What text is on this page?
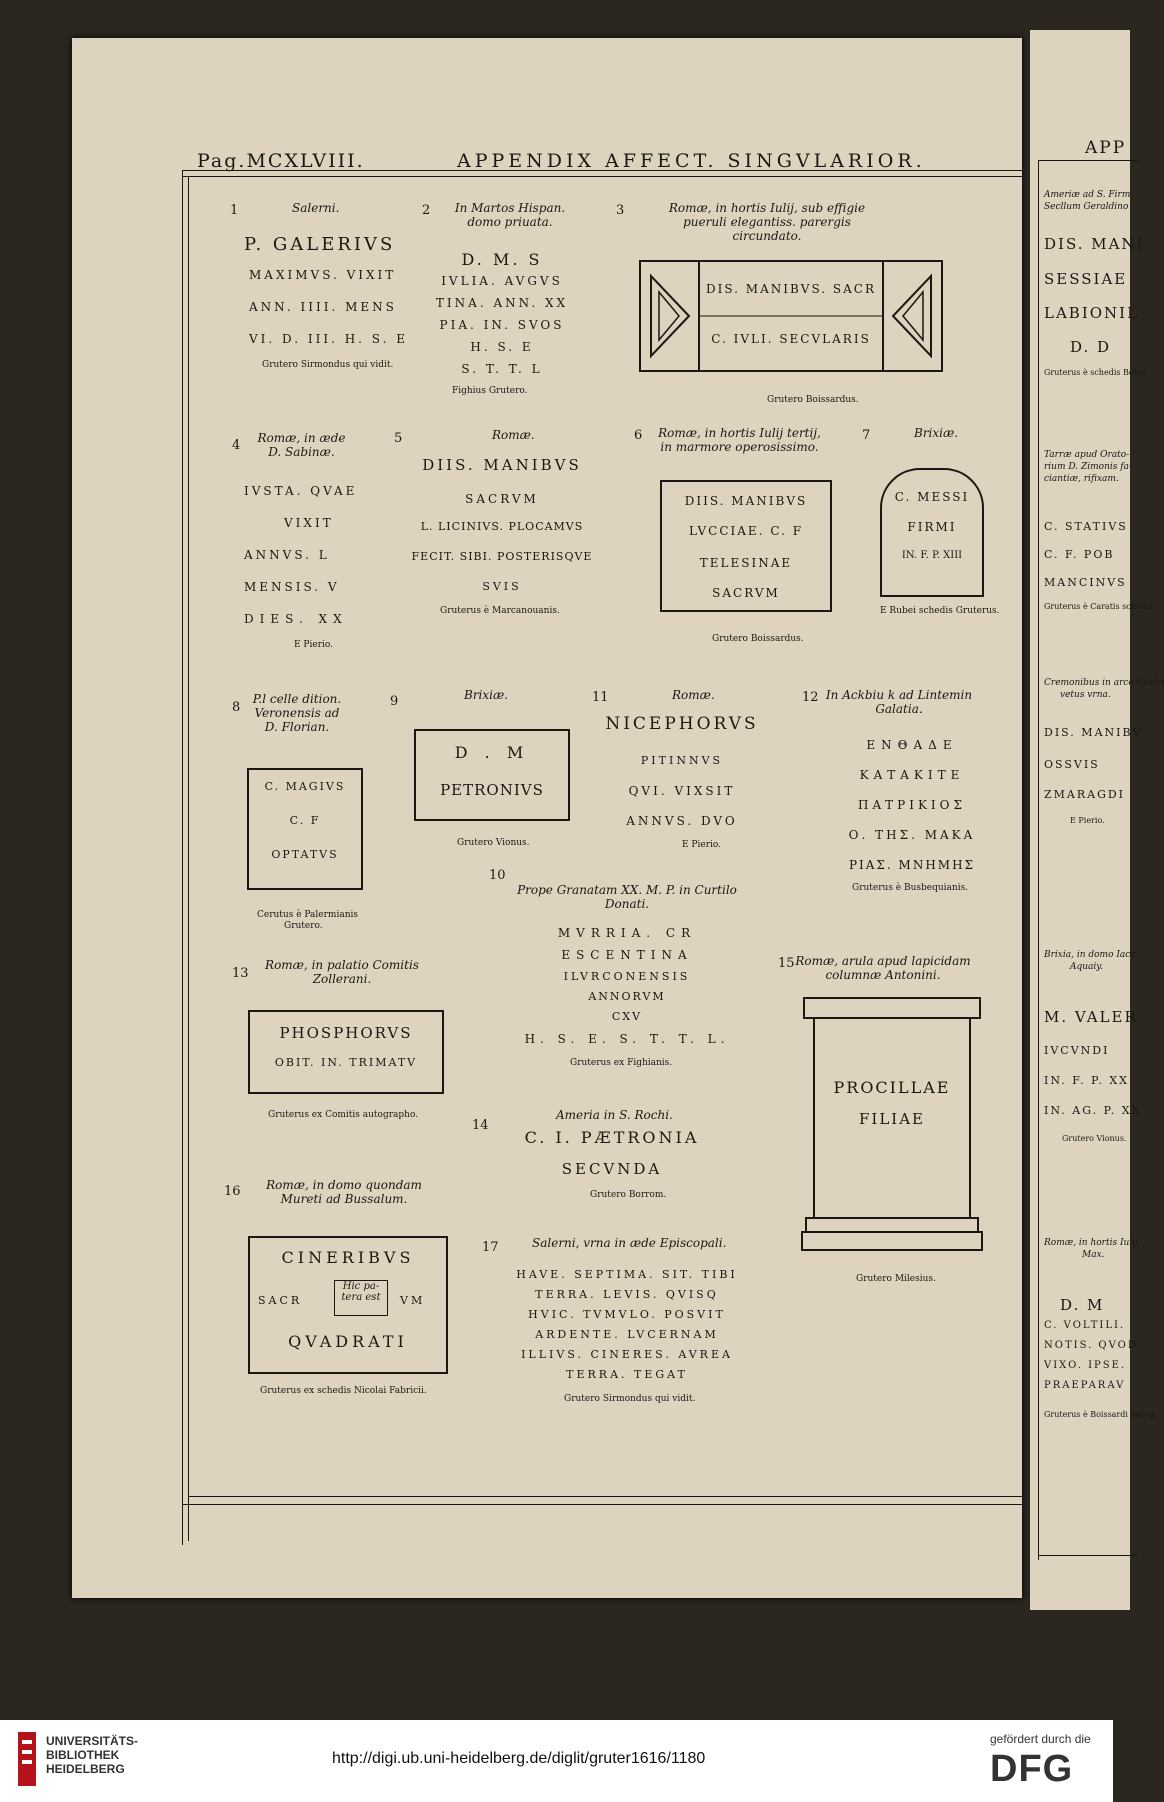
Pag.MCXLVIII.	APPENDIX AFFECT. SINGVLARIOR.
1	Salerni.
P. GALERIVS
MAXIMVS. VIXIT
ANN. IIII. MENS
VI. D. III. H. S. E
Grutero Sirmondus qui vidit.
2	In Martos Hispan. domo priuata.
D. M. S
IVLIA. AVGVS
TINA. ANN. XX
PIA. IN. SVOS
H. S. E
S. T. T. L
Fighius Grutero.
3	Romæ, in hortis Iulij, sub effigie pueruli elegantiss. parergis circundato.
DIS. MANIBVS. SACR
C. IVLI. SECVLARIS
Grutero Boissardus.
4 Romæ, in æde D. Sabinæ.
IVSTA. QVAE
VIXIT
ANNVS. L
MENSIS. V
DIES. XX
E Pierio.
5	Romæ.
DIIS. MANIBVS
SACRVM
L. LICINIVS. PLOCAMVS
FECIT. SIBI. POSTERISQVE
SVIS
Gruterus è Marcanouanis.
6	Romæ, in hortis Iulij tertij, in marmore operosissimo.
DIIS. MANIBVS
LVCCIAE. C. F
TELESINAE
SACRVM
Grutero Boissardus.
7	Brixiæ.
C. MESSI
FIRMI
IN. F. P. XIII
E Rubei schedis Gruterus.
8
P.l celle dition. Veronensis ad D. Florian.
C. MAGIVS
C. F
OPTATVS
Cerutus è Palermianis
Grutero.
9	Brixiæ.
D . M
PETRONIVS
Grutero Vionus.
11	Romæ.
NICEPHORVS
PITINNVS
QVI. VIXSIT
ANNVS. DVO
E Pierio.
12 In Ackbiu k ad Lintemin Galatia.
ΕΝΘΑΔΕ
ΚΑΤΑΚΙΤΕ
ΠΑΤΡΙΚΙΟΣ
Ο. ΤΗΣ. ΜΑΚΑ
ΡΙΑΣ. ΜΝΗΜΗΣ
Gruterus è Busbequianis.
10
Prope Granatam XX. M. P. in Curtilo Donati.
MVRRIA. CR
ESCENTINA
ILVRCONENSIS
ANNORVM
CXV
H. S. E. S. T. T. L.
Gruterus ex Fighianis.
13
Romæ, in palatio Comitis Zollerani.
PHOSPHORVS
OBIT. IN. TRIMATV
Gruterus ex Comitis autographo.
15 Romæ, arula apud lapicidam columnæ Antonini.
PROCILLAE
FILIAE
Grutero Milesius.
14
Ameria in S. Rochi.
C. I. PÆTRONIA
SECVNDA
Grutero Borrom.
16	Romæ, in domo quondam Mureti ad Bussalum.
CINERIBVS
SACR
Hic pa-
tera est	VM
QVADRATI
Gruterus ex schedis Nicolai Fabricii.
17	Salerni, vrna in æde Episcopali.
HAVE. SEPTIMA. SIT. TIBI
TERRA. LEVIS. QVISQ
HVIC. TVMVLO. POSVIT
ARDENTE. LVCERNAM
ILLIVS. CINERES. AVREA
TERRA. TEGAT
Grutero Sirmondus qui vidit.
APP
Ameriæ ad S. Firm.
Secllum Geraldino
DIS. MANI
SESSIAE
LABIONIL
D. D
Gruterus è schedis Botro
Tarræ apud Orato-
rium D. Zimonis fa-
ciantiæ, rifixam.
C. STATIVS
C. F. POB
MANCINVS
Gruterus è Caratis schedis.
Cremonibus in arce Castri
vetus vrna.
DIS. MANIBV
OSSVIS
ZMARAGDI
E Pierio.
Brixia, in domo Iacc
Aquaiy.
M. VALER
IVCVNDI
IN. F. P. XX
IN. AG. P. XX
Grutero Vionus.
Romæ, in hortis Iulij
Max.
D. M
C. VOLTILI.
NOTIS. QVOD
VIXO. IPSE.
PRAEPARAV
Gruterus è Boissardi autog
UNIVERSITÄTS-
BIBLIOTHEK
HEIDELBERG
http://digi.ub.uni-heidelberg.de/diglit/gruter1616/1180
gefördert durch die
DFG
